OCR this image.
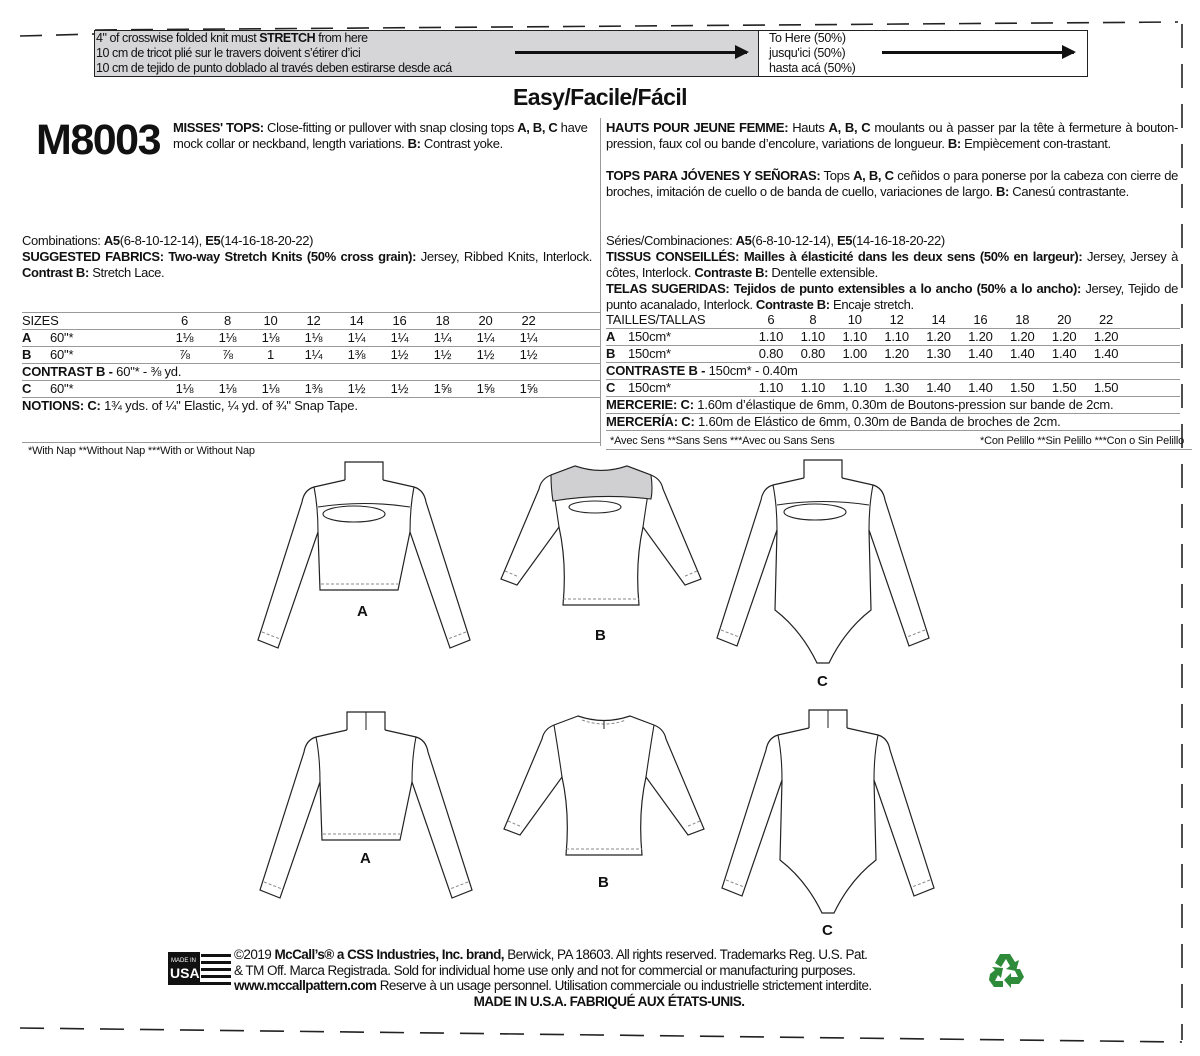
4" of crosswise folded knit must STRETCH from here
10 cm de tricot plié sur le travers doivent s’étirer d’ici
10 cm de tejido de punto doblado al través deben estirarse desde acá
To Here (50%)
jusqu'ici (50%)
hasta acá (50%)
Easy/Facile/Fácil
M8003 MISSES' TOPS: Close-fitting or pullover with snap closing tops A, B, C have mock collar or neckband, length variations. B: Contrast yoke.
HAUTS POUR JEUNE FEMME: Hauts A, B, C moulants ou à passer par la tête à fermeture à bouton-pression, faux col ou bande d’encolure, variations de longueur. B: Empiècement con-trastant.
TOPS PARA JÓVENES Y SEÑORAS: Tops A, B, C ceñidos o para ponerse por la cabeza con cierre de broches, imitación de cuello o de banda de cuello, variaciones de largo. B: Canesú contrastante.
Combinations: A5(6-8-10-12-14), E5(14-16-18-20-22)
SUGGESTED FABRICS: Two-way Stretch Knits (50% cross grain): Jersey, Ribbed Knits, Interlock. Contrast B: Stretch Lace.
Séries/Combinaciones: A5(6-8-10-12-14), E5(14-16-18-20-22)
TISSUS CONSEILLÉS: Mailles à élasticité dans les deux sens (50% en largeur): Jersey, Jersey à côtes, Interlock. Contraste B: Dentelle extensible.
TELAS SUGERIDAS: Tejidos de punto extensibles a lo ancho (50% a lo ancho): Jersey, Tejido de punto acanalado, Interlock. Contraste B: Encaje stretch.
SIZES	6	8	10	12	14	16	18	20	22
A	60"*	1⅛	1⅛	1⅛	1⅛	1¼	1¼	1¼	1¼	1¼
B	60"*	⅞	⅞	1	1¼	1⅜	1½	1½	1½	1½
CONTRAST B - 60"* - ⅜ yd.
C	60"*	1⅛	1⅛	1⅛	1⅜	1½	1½	1⅝	1⅝	1⅝
NOTIONS: C: 1¾ yds. of ¼" Elastic, ¼ yd. of ¾" Snap Tape.
*With Nap **Without Nap ***With or Without Nap
TAILLES/TALLAS	6	8	10	12	14	16	18	20	22
A 150cm*	1.10	1.10	1.10	1.10	1.20	1.20	1.20	1.20	1.20
B 150cm*	0.80	0.80	1.00	1.20	1.30	1.40	1.40	1.40	1.40
CONTRASTE B - 150cm* - 0.40m
C 150cm*	1.10	1.10	1.10	1.30	1.40	1.40	1.50	1.50	1.50
MERCERIE: C: 1.60m d’élastique de 6mm, 0.30m de Boutons-pression sur bande de 2cm.
MERCERÍA: C: 1.60m de Elástico de 6mm, 0.30m de Banda de broches de 2cm.
*Avec Sens **Sans Sens ***Avec ou Sans Sens	*Con Pelillo **Sin Pelillo ***Con o Sin Pelillo
A
B
C
A
B
C
MADE IN
USA
©2019 McCall’s® a CSS Industries, Inc. brand, Berwick, PA 18603. All rights reserved. Trademarks Reg. U.S. Pat.
& TM Off. Marca Registrada. Sold for individual home use only and not for commercial or manufacturing purposes.
www.mccallpattern.com Reserve à un usage personnel. Utilisation commerciale ou industrielle strictement interdite.
MADE IN U.S.A. FABRIQUÉ AUX ÉTATS-UNIS.
